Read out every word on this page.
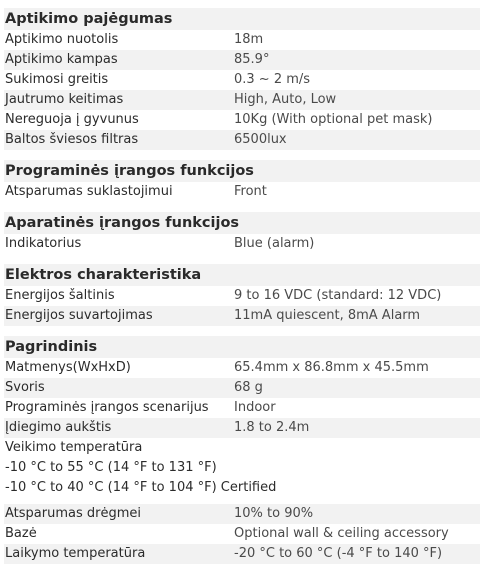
Aptikimo pajėgumas
Aptikimo nuotolis	18m
Aptikimo kampas	85.9°
Sukimosi greitis	0.3 ~ 2 m/s
Jautrumo keitimas	High, Auto, Low
Nereguoja į gyvunus	10Kg (With optional pet mask)
Baltos šviesos filtras	6500lux
Programinės įrangos funkcijos
Atsparumas suklastojimui	Front
Aparatinės įrangos funkcijos
Indikatorius	Blue (alarm)
Elektros charakteristika
Energijos šaltinis	9 to 16 VDC (standard: 12 VDC)
Energijos suvartojimas	11mA quiescent, 8mA Alarm
Pagrindinis
Matmenys(WxHxD)	65.4mm x 86.8mm x 45.5mm
Svoris	68 g
Programinės įrangos scenarijus	Indoor
Įdiegimo aukštis	1.8 to 2.4m
Veikimo temperatūra
-10 °C to 55 °C (14 °F to 131 °F)
-10 °C to 40 °C (14 °F to 104 °F) Certified
Atsparumas drėgmei	10% to 90%
Bazė	Optional wall & ceiling accessory
Laikymo temperatūra	-20 °C to 60 °C (-4 °F to 140 °F)
